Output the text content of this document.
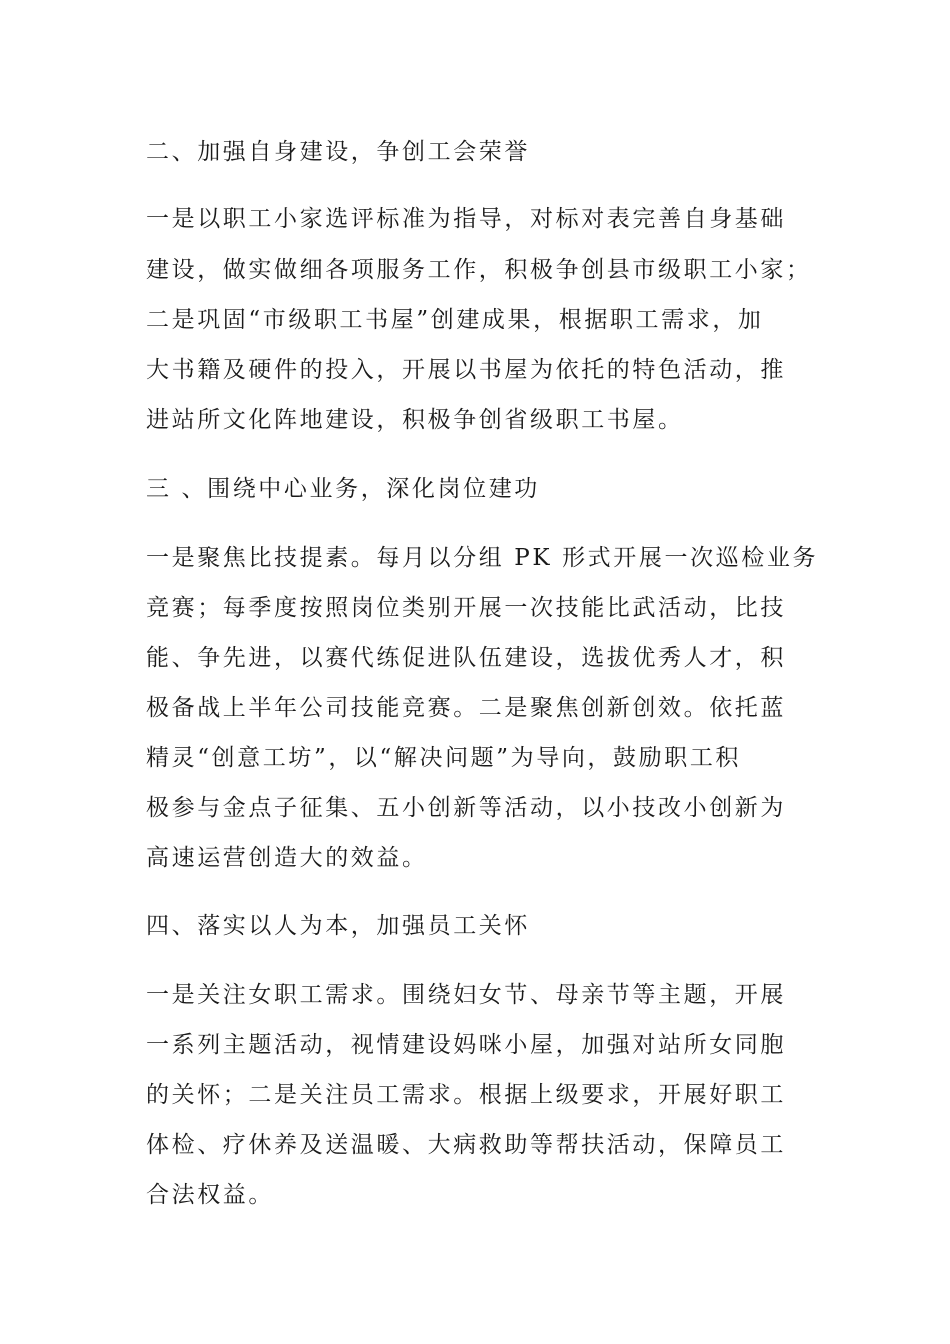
二、加强自身建设，争创工会荣誉
一是以职工小家选评标准为指导，对标对表完善自身基础
建设，做实做细各项服务工作，积极争创县市级职工小家；
二是巩固“市级职工书屋”创建成果，根据职工需求，加
大书籍及硬件的投入，开展以书屋为依托的特色活动，推
进站所文化阵地建设，积极争创省级职工书屋。
三 、围绕中心业务，深化岗位建功
一是聚焦比技提素。每月以分组 PK 形式开展一次巡检业务
竞赛；每季度按照岗位类别开展一次技能比武活动，比技
能、争先进，以赛代练促进队伍建设，选拔优秀人才，积
极备战上半年公司技能竞赛。二是聚焦创新创效。依托蓝
精灵“创意工坊”，以“解决问题”为导向，鼓励职工积
极参与金点子征集、五小创新等活动，以小技改小创新为
高速运营创造大的效益。
四、落实以人为本，加强员工关怀
一是关注女职工需求。围绕妇女节、母亲节等主题，开展
一系列主题活动，视情建设妈咪小屋，加强对站所女同胞
的关怀；二是关注员工需求。根据上级要求，开展好职工
体检、疗休养及送温暖、大病救助等帮扶活动，保障员工
合法权益。
